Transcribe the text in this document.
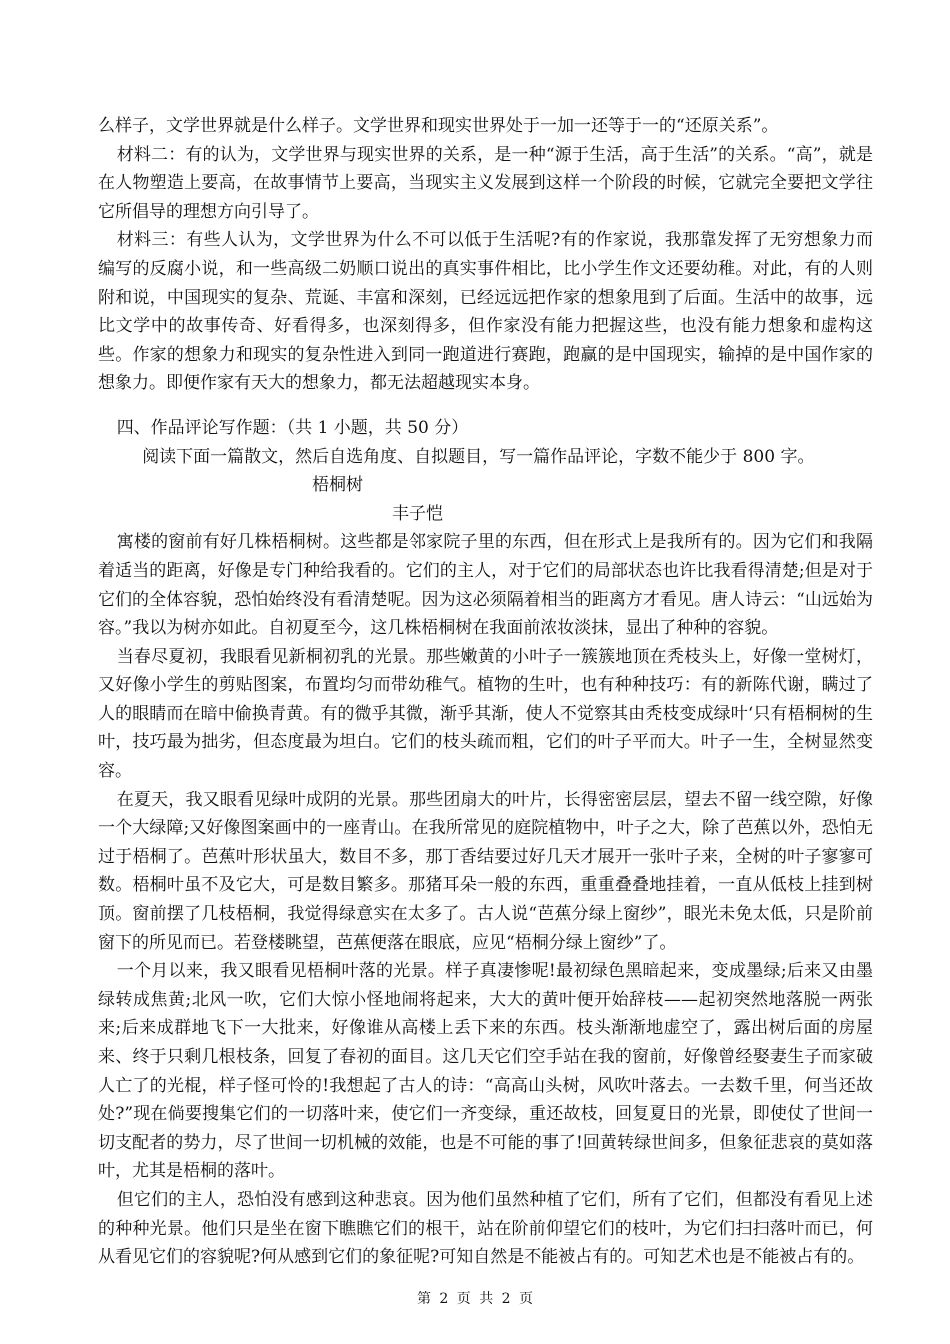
么样子，文学世界就是什么样子。文学世界和现实世界处于一加一还等于一的“还原关系”。

材料二：有的认为，文学世界与现实世界的关系，是一种“源于生活，高于生活”的关系。“高”，就是在人物塑造上要高，在故事情节上要高，当现实主义发展到这样一个阶段的时候，它就完全要把文学往它所倡导的理想方向引导了。

材料三：有些人认为，文学世界为什么不可以低于生活呢?有的作家说，我那靠发挥了无穷想象力而编写的反腐小说，和一些高级二奶顺口说出的真实事件相比，比小学生作文还要幼稚。对此，有的人则附和说，中国现实的复杂、荒诞、丰富和深刻，已经远远把作家的想象甩到了后面。生活中的故事，远比文学中的故事传奇、好看得多，也深刻得多，但作家没有能力把握这些，也没有能力想象和虚构这些。作家的想象力和现实的复杂性进入到同一跑道进行赛跑，跑赢的是中国现实，输掉的是中国作家的想象力。即便作家有天大的想象力，都无法超越现实本身。

四、作品评论写作题：（共 1 小题，共 50 分）

阅读下面一篇散文，然后自选角度、自拟题目，写一篇作品评论，字数不能少于 800 字。

梧桐树

丰子恺

寓楼的窗前有好几株梧桐树。这些都是邻家院子里的东西，但在形式上是我所有的。因为它们和我隔着适当的距离，好像是专门种给我看的。它们的主人，对于它们的局部状态也许比我看得清楚;但是对于它们的全体容貌，恐怕始终没有看清楚呢。因为这必须隔着相当的距离方才看见。唐人诗云：“山远始为容。”我以为树亦如此。自初夏至今，这几株梧桐树在我面前浓妆淡抹，显出了种种的容貌。

当春尽夏初，我眼看见新桐初乳的光景。那些嫩黄的小叶子一簇簇地顶在秃枝头上，好像一堂树灯，又好像小学生的剪贴图案，布置均匀而带幼稚气。植物的生叶，也有种种技巧：有的新陈代谢，瞒过了人的眼睛而在暗中偷换青黄。有的微乎其微，渐乎其渐，使人不觉察其由秃枝变成绿叶‘只有梧桐树的生叶，技巧最为拙劣，但态度最为坦白。它们的枝头疏而粗，它们的叶子平而大。叶子一生，全树显然变容。

在夏天，我又眼看见绿叶成阴的光景。那些团扇大的叶片，长得密密层层，望去不留一线空隙，好像一个大绿障;又好像图案画中的一座青山。在我所常见的庭院植物中，叶子之大，除了芭蕉以外，恐怕无过于梧桐了。芭蕉叶形状虽大，数目不多，那丁香结要过好几天才展开一张叶子来，全树的叶子寥寥可数。梧桐叶虽不及它大，可是数目繁多。那猪耳朵一般的东西，重重叠叠地挂着，一直从低枝上挂到树顶。窗前摆了几枝梧桐，我觉得绿意实在太多了。古人说“芭蕉分绿上窗纱”，眼光未免太低，只是阶前窗下的所见而已。若登楼眺望，芭蕉便落在眼底，应见“梧桐分绿上窗纱”了。

一个月以来，我又眼看见梧桐叶落的光景。样子真凄惨呢!最初绿色黑暗起来，变成墨绿;后来又由墨绿转成焦黄;北风一吹，它们大惊小怪地闹将起来，大大的黄叶便开始辞枝——起初突然地落脱一两张来;后来成群地飞下一大批来，好像谁从高楼上丢下来的东西。枝头渐渐地虚空了，露出树后面的房屋来、终于只剩几根枝条，回复了春初的面目。这几天它们空手站在我的窗前，好像曾经娶妻生子而家破人亡了的光棍，样子怪可怜的!我想起了古人的诗：“高高山头树，风吹叶落去。一去数千里，何当还故处?”现在倘要搜集它们的一切落叶来，使它们一齐变绿，重还故枝，回复夏日的光景，即使仗了世间一切支配者的势力，尽了世间一切机械的效能，也是不可能的事了!回黄转绿世间多，但象征悲哀的莫如落叶，尤其是梧桐的落叶。

但它们的主人，恐怕没有感到这种悲哀。因为他们虽然种植了它们，所有了它们，但都没有看见上述的种种光景。他们只是坐在窗下瞧瞧它们的根干，站在阶前仰望它们的枝叶，为它们扫扫落叶而已，何从看见它们的容貌呢?何从感到它们的象征呢?可知自然是不能被占有的。可知艺术也是不能被占有的。

第 2 页 共 2 页
